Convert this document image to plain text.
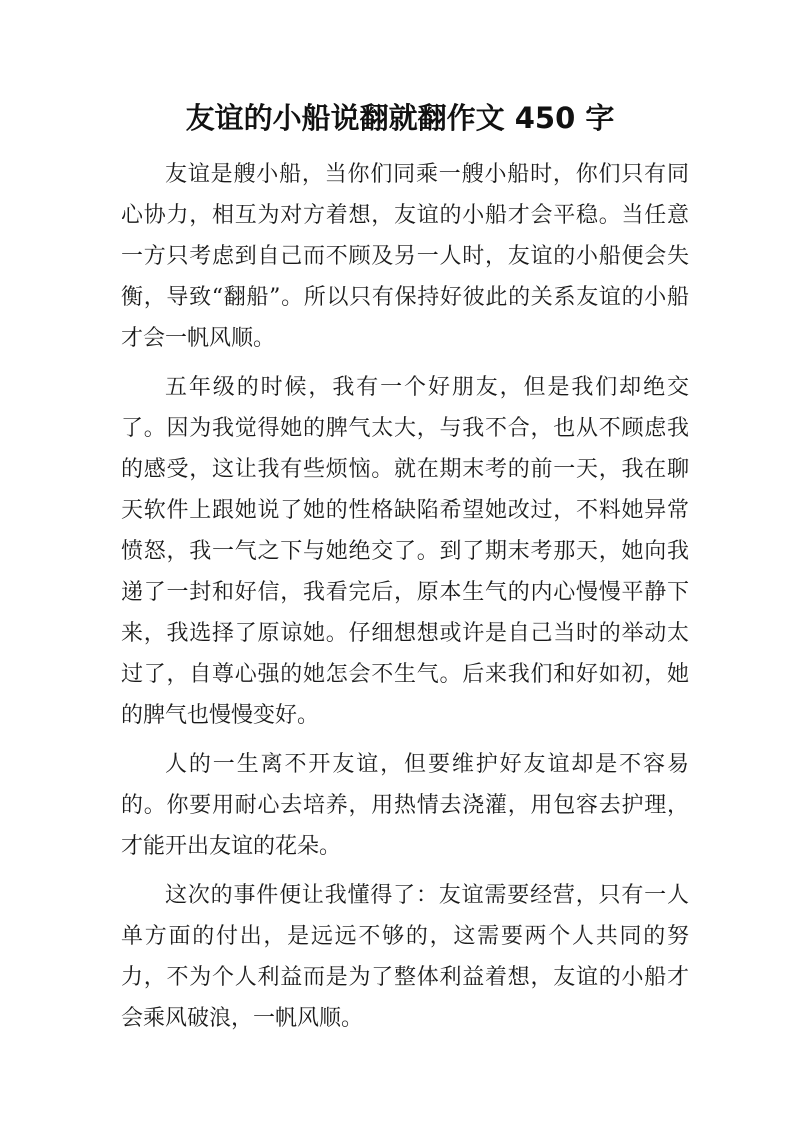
友谊的小船说翻就翻作文 450 字

友谊是艘小船，当你们同乘一艘小船时，你们只有同心协力，相互为对方着想，友谊的小船才会平稳。当任意一方只考虑到自己而不顾及另一人时，友谊的小船便会失衡，导致“翻船”。所以只有保持好彼此的关系友谊的小船才会一帆风顺。

五年级的时候，我有一个好朋友，但是我们却绝交了。因为我觉得她的脾气太大，与我不合，也从不顾虑我的感受，这让我有些烦恼。就在期末考的前一天，我在聊天软件上跟她说了她的性格缺陷希望她改过，不料她异常愤怒，我一气之下与她绝交了。到了期末考那天，她向我递了一封和好信，我看完后，原本生气的内心慢慢平静下来，我选择了原谅她。仔细想想或许是自己当时的举动太过了，自尊心强的她怎会不生气。后来我们和好如初，她的脾气也慢慢变好。

人的一生离不开友谊，但要维护好友谊却是不容易的。你要用耐心去培养，用热情去浇灌，用包容去护理，才能开出友谊的花朵。

这次的事件便让我懂得了：友谊需要经营，只有一人单方面的付出，是远远不够的，这需要两个人共同的努力，不为个人利益而是为了整体利益着想，友谊的小船才会乘风破浪，一帆风顺。
